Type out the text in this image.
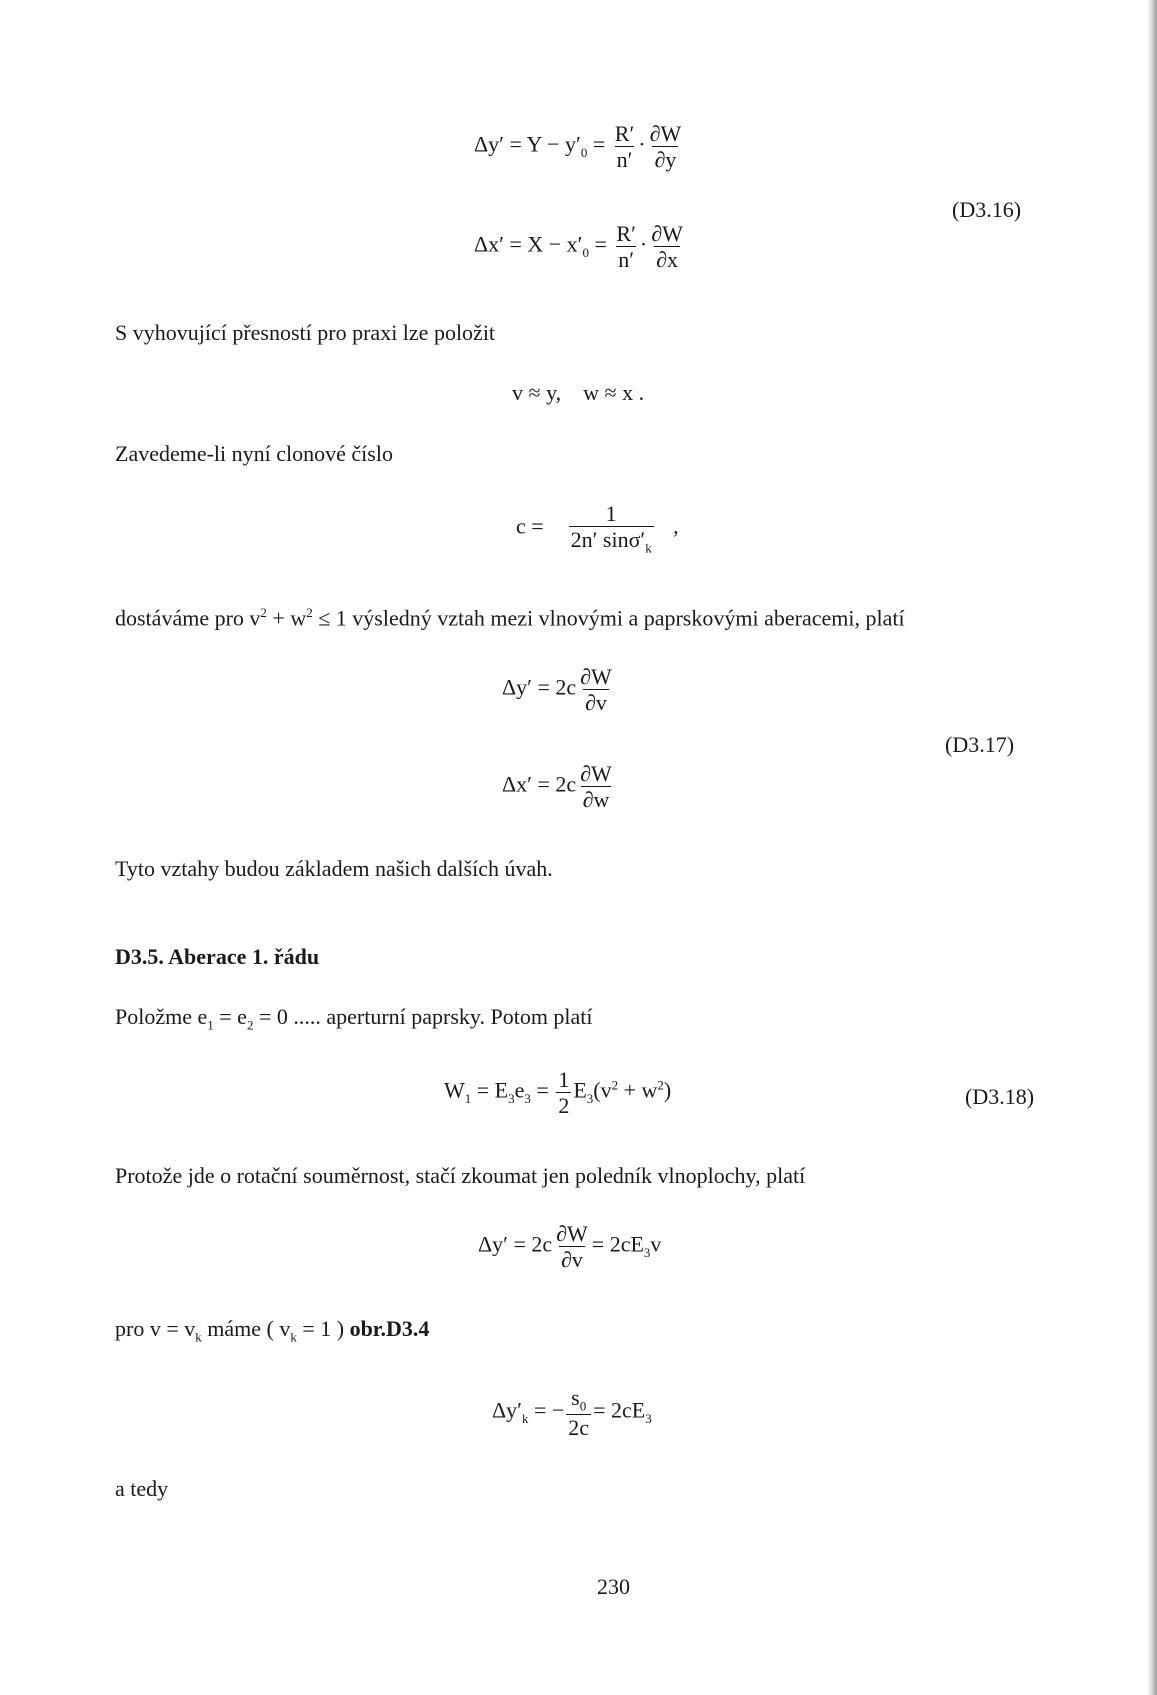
$\Delta y' = Y - y'_0 = \frac{R'}{n'} \cdot \frac{\partial W}{\partial y}$
(D3.16)
$\Delta x' = X - x'_0 = \frac{R'}{n'} \cdot \frac{\partial W}{\partial x}$
S vyhovující přesností pro praxi lze položit
v ≈ y,    w ≈ x .
Zavedeme-li nyní clonové číslo
$c = \frac{1}{2n' \sin\sigma'_k}$ ,
dostáváme pro $v^2 + w^2 \le 1$ výsledný vztah mezi vlnovými a paprskovými aberacemi, platí
$\Delta y' = 2c \frac{\partial W}{\partial v}$
(D3.17)
$\Delta x' = 2c \frac{\partial W}{\partial w}$
Tyto vztahy budou základem našich dalších úvah.
D3.5. Aberace 1. řádu
Položme $e_1 = e_2 = 0$ ..... aperturní paprsky. Potom platí
$W_1 = E_3e_3 = \frac{1}{2} E_3(v^2 + w^2)$	(D3.18)
Protože jde o rotační souměrnost, stačí zkoumat jen poledník vlnoplochy, platí
$\Delta y' = 2c \frac{\partial W}{\partial v} = 2cE_3v$
pro $v = v_k$ máme ( $v_k = 1$ ) obr.D3.4
$\Delta y'_k$ = − $\frac{s_0}{2c} = 2cE_3$
a tedy
230
